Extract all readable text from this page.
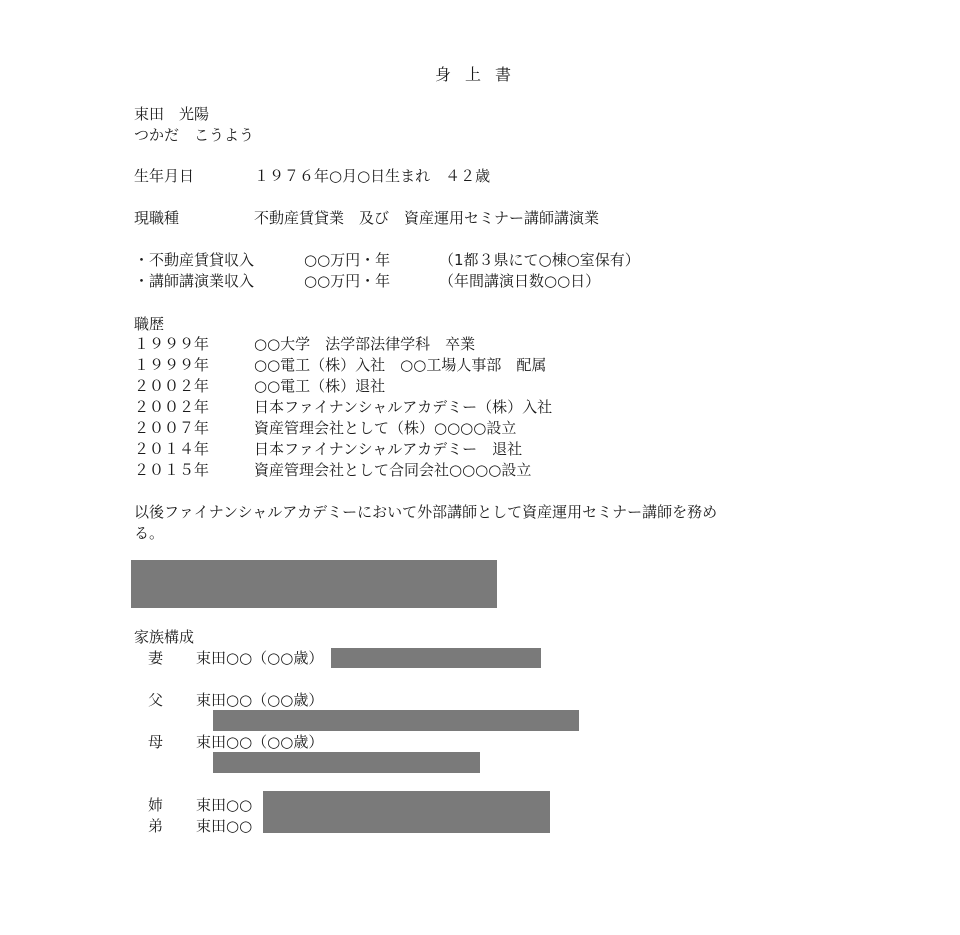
身上書
束田　光陽
つかだ　こうよう
生年月日	１９７６年○月○日生まれ　４２歳
現職種	不動産賃貸業　及び　資産運用セミナー講師講演業
・不動産賃貸収入	○○万円・年	（1都３県にて○棟○室保有）
・講師講演業収入	○○万円・年	（年間講演日数○○日）
職歴
１９９９年	○○大学　法学部法律学科　卒業
１９９９年	○○電工（株）入社　○○工場人事部　配属
２００２年	○○電工（株）退社
２００２年	日本ファイナンシャルアカデミー（株）入社
２００７年	資産管理会社として（株）○○○○設立
２０１４年	日本ファイナンシャルアカデミー　退社
２０１５年	資産管理会社として合同会社○○○○設立
以後ファイナンシャルアカデミーにおいて外部講師として資産運用セミナー講師を務め
る。
家族構成
妻 束田○○（○○歳）
父 束田○○（○○歳）
母 束田○○（○○歳）
姉 束田○○
弟 束田○○
